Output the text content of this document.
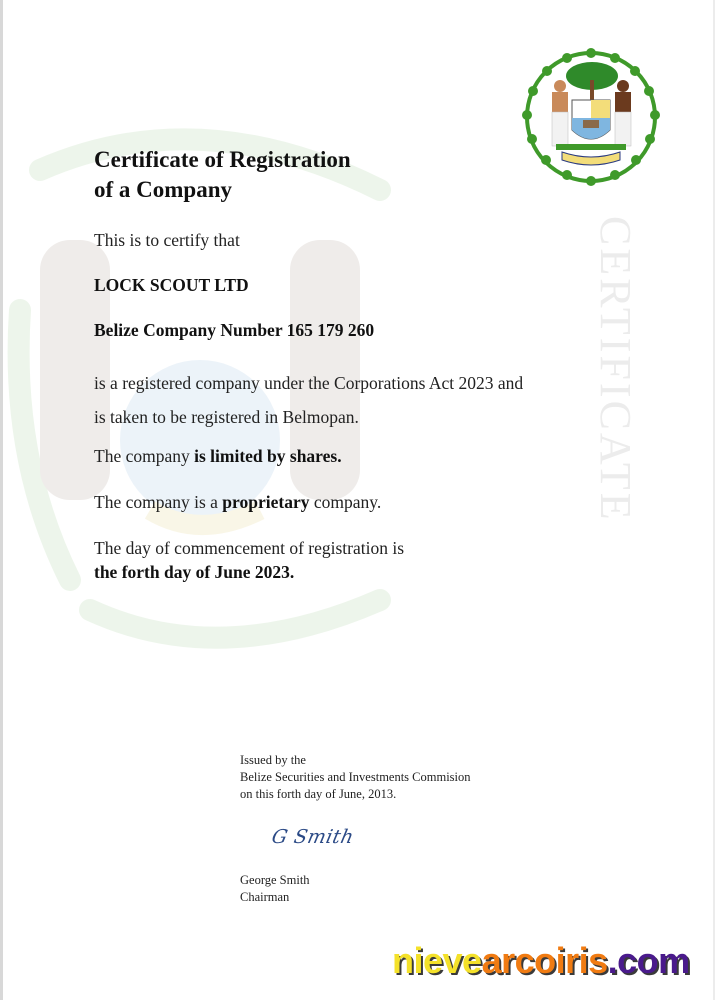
CERTIFICATE
Certificate of Registration
of a Company

This is to certify that

LOCK SCOUT LTD

Belize Company Number 165 179 260

is a registered company under the Corporations Act 2023 and
is taken to be registered in Belmopan.

The company is limited by shares.

The company is a proprietary company.

The day of commencement of registration is
the forth day of June 2023.

Issued by the
Belize Securities and Investments Commision
on this forth day of June, 2013.
G Smith
George Smith
Chairman
nievearcoiris.com
